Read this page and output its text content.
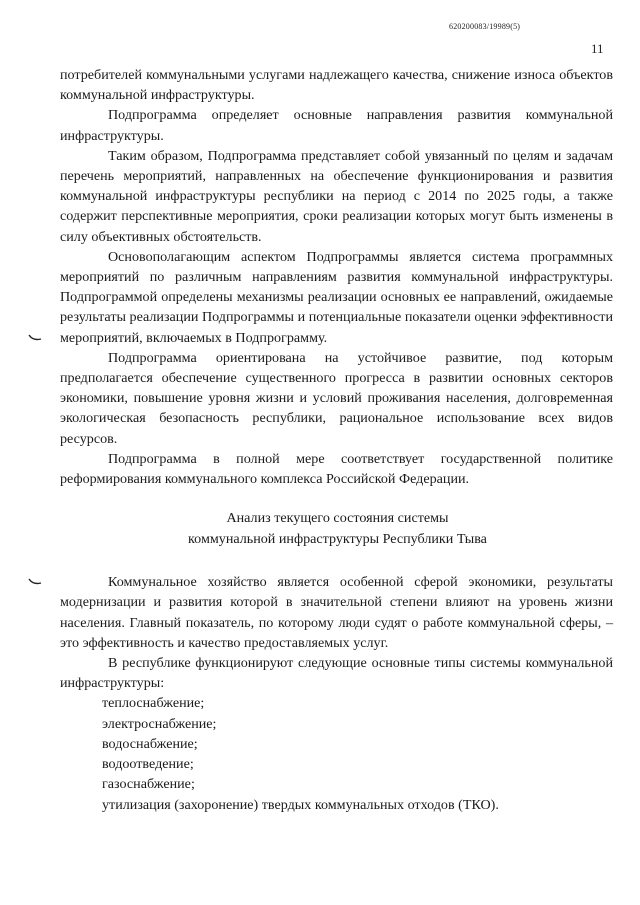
620200083/19989(5)
11

потребителей коммунальными услугами надлежащего качества, снижение износа объектов коммунальной инфраструктуры.

Подпрограмма определяет основные направления развития коммунальной инфраструктуры.

Таким образом, Подпрограмма представляет собой увязанный по целям и задачам перечень мероприятий, направленных на обеспечение функционирования и развития коммунальной инфраструктуры республики на период с 2014 по 2025 годы, а также содержит перспективные мероприятия, сроки реализации которых могут быть изменены в силу объективных обстоятельств.

Основополагающим аспектом Подпрограммы является система программных мероприятий по различным направлениям развития коммунальной инфраструктуры. Подпрограммой определены механизмы реализации основных ее направлений, ожидаемые результаты реализации Подпрограммы и потенциальные показатели оценки эффективности мероприятий, включаемых в Подпрограмму.

Подпрограмма ориентирована на устойчивое развитие, под которым предполагается обеспечение существенного прогресса в развитии основных секторов экономики, повышение уровня жизни и условий проживания населения, долговременная экологическая безопасность республики, рациональное использование всех видов ресурсов.

Подпрограмма в полной мере соответствует государственной политике реформирования коммунального комплекса Российской Федерации.

Анализ текущего состояния системы
коммунальной инфраструктуры Республики Тыва

Коммунальное хозяйство является особенной сферой экономики, результаты модернизации и развития которой в значительной степени влияют на уровень жизни населения. Главный показатель, по которому люди судят о работе коммунальной сферы, – это эффективность и качество предоставляемых услуг.

В республике функционируют следующие основные типы системы коммунальной инфраструктуры:

теплоснабжение;
электроснабжение;
водоснабжение;
водоотведение;
газоснабжение;
утилизация (захоронение) твердых коммунальных отходов (ТКО).
